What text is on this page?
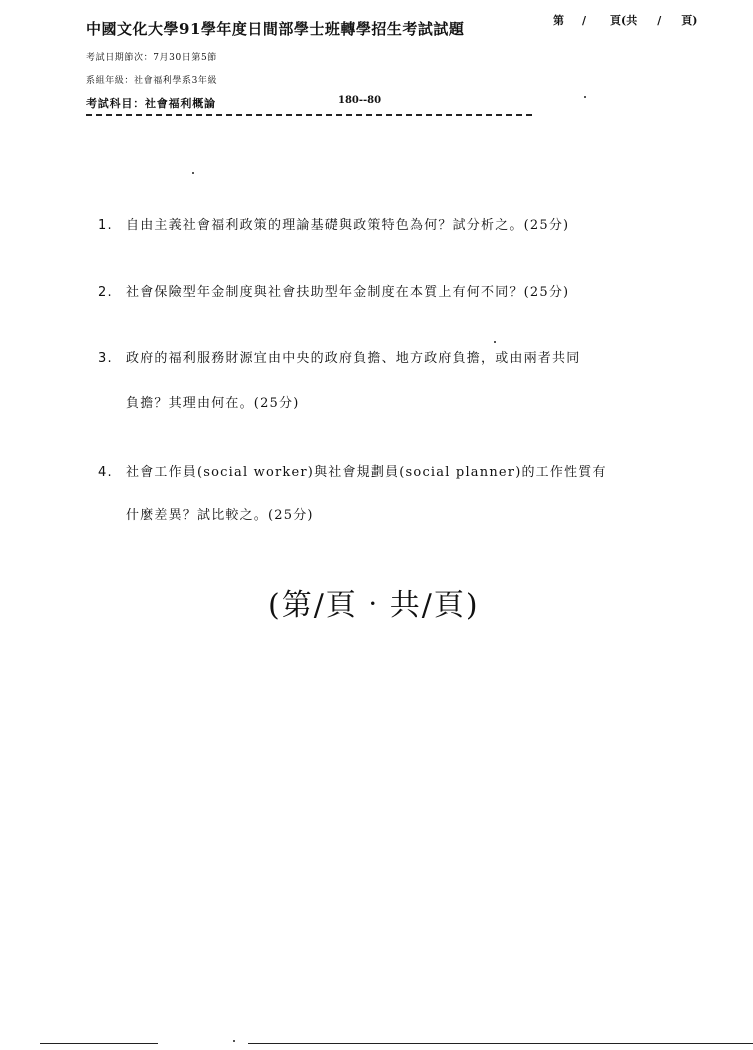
中國文化大學91學年度日間部學士班轉學招生考試試題	第 / 頁(共 / 頁)
考試日期節次：7月30日第5節
系組年級：社會福利學系3年級
考試科目：社會福利概論	180--80
1. 自由主義社會福利政策的理論基礎與政策特色為何？試分析之。(25分)
2. 社會保險型年金制度與社會扶助型年金制度在本質上有何不同？(25分)
3. 政府的福利服務財源宜由中央的政府負擔、地方政府負擔，或由兩者共同
負擔？其理由何在。(25分)
4. 社會工作員(social worker)與社會規劃員(social planner)的工作性質有
什麼差異？試比較之。(25分)
(第/頁‧共/頁)
